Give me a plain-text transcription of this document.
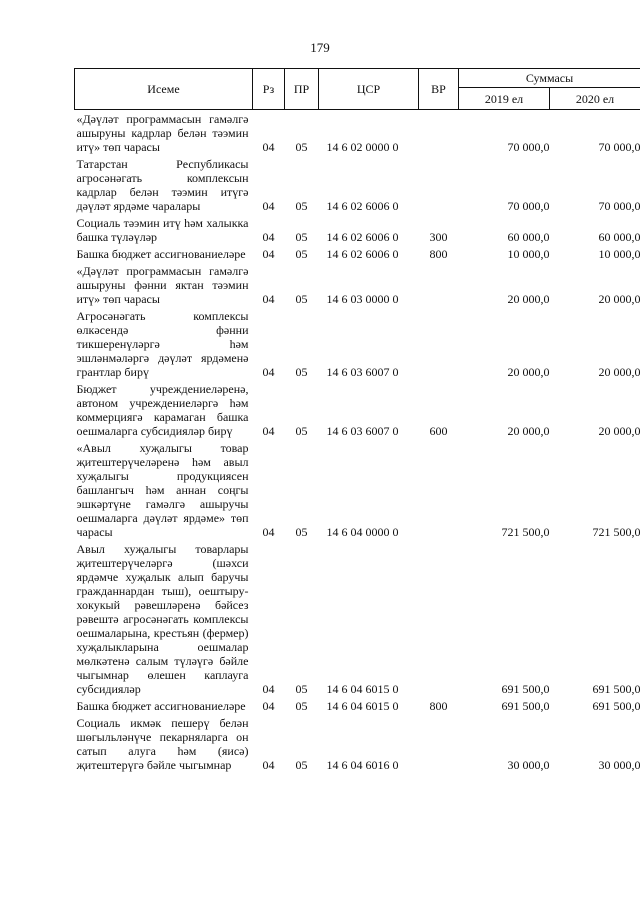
179
Исеме	Рз	ПР	ЦСР	ВР	Суммасы	
					2019 ел	2020 ел
«Дәүләт программасын гамәлгә ашыруны кадрлар белән тәэмин итү» төп чарасы	04	05	14 6 02 0000 0		70 000,0	70 000,0
Татарстан Республикасы агросәнәгать комплексын кадрлар белән тәэмин итүгә дәүләт ярдәме чаралары	04	05	14 6 02 6006 0		70 000,0	70 000,0
Социаль тәэмин итү һәм халыкка башка түләүләр	04	05	14 6 02 6006 0	300	60 000,0	60 000,0
Башка бюджет ассигнованиеләре	04	05	14 6 02 6006 0	800	10 000,0	10 000,0
«Дәүләт программасын гамәлгә ашыруны фәнни яктан тәэмин итү» төп чарасы	04	05	14 6 03 0000 0		20 000,0	20 000,0
Агросәнәгать комплексы өлкәсендә фәнни тикшеренүләргә һәм эшләнмәләргә дәүләт ярдәменә грантлар бирү	04	05	14 6 03 6007 0		20 000,0	20 000,0
Бюджет учреждениеләренә, автоном учреждениеләргә һәм коммерциягә карамаган башка оешмаларга субсидияләр бирү	04	05	14 6 03 6007 0	600	20 000,0	20 000,0
«Авыл хуҗалыгы товар җитештерүчеләренә һәм авыл хуҗалыгы продукциясен башлангыч һәм аннан соңгы эшкәртүне гамәлгә ашыручы оешмаларга дәүләт ярдәме» төп чарасы	04	05	14 6 04 0000 0		721 500,0	721 500,0
Авыл хуҗалыгы товарлары җитештерүчеләргә (шәхси ярдәмче хуҗалык алып баручы гражданнардан тыш), оештыру-хокукый рәвешләренә бәйсез рәвештә агросәнәгать комплексы оешмаларына, крестьян (фермер) хуҗалыкларына оешмалар мөлкәтенә салым түләүгә бәйле чыгымнар өлешен каплауга субсидияләр	04	05	14 6 04 6015 0		691 500,0	691 500,0
Башка бюджет ассигнованиеләре	04	05	14 6 04 6015 0	800	691 500,0	691 500,0
Социаль икмәк пешерү белән шөгыльләнүче пекарняларга он сатып алуга һәм (яисә) җитештерүгә бәйле чыгымнар	04	05	14 6 04 6016 0		30 000,0	30 000,0
